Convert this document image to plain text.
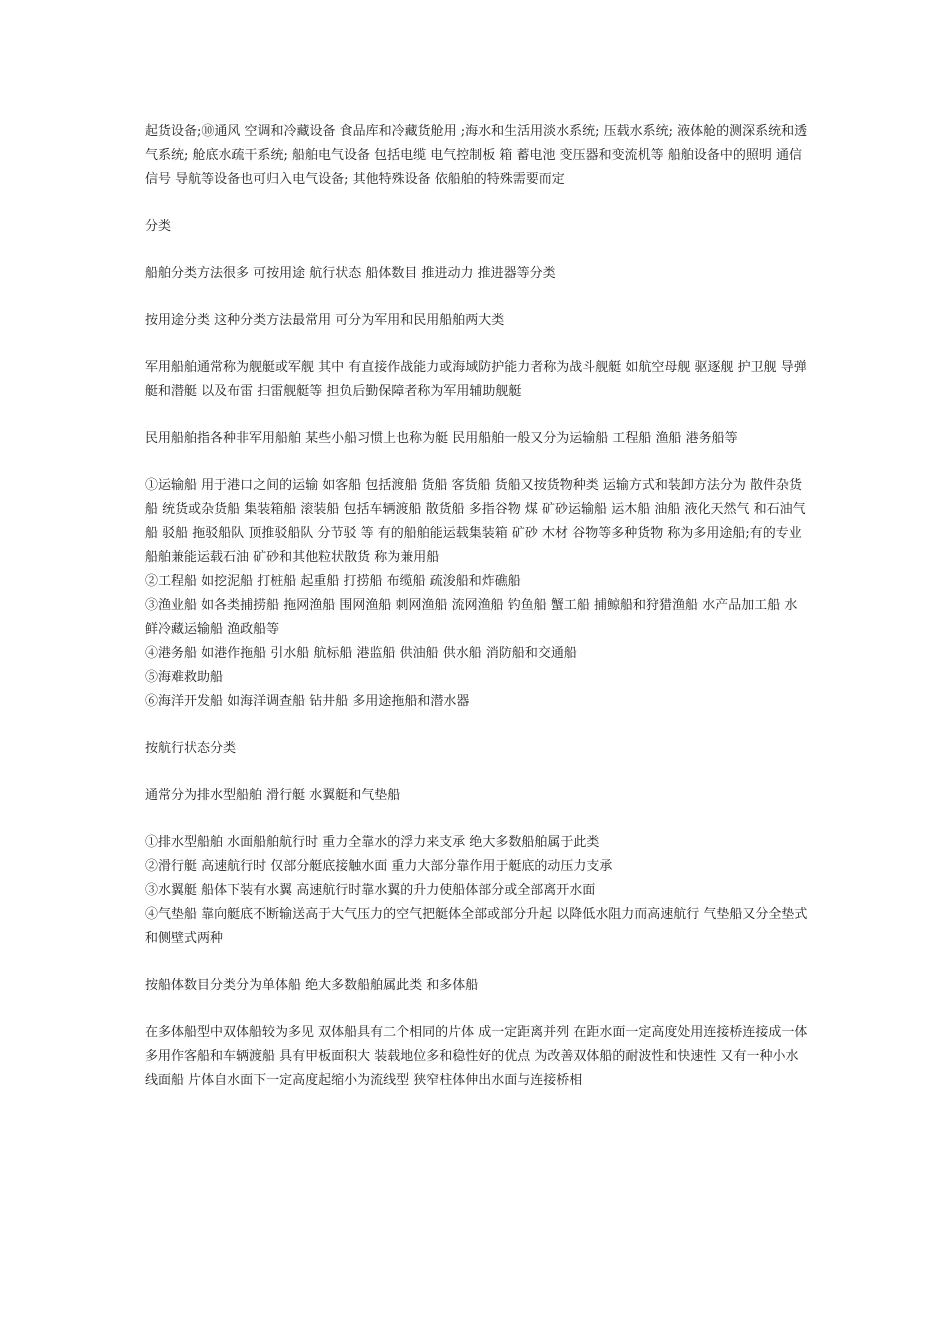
起货设备;⑩通风 空调和冷藏设备 食品库和冷藏货舱用 ;海水和生活用淡水系统; 压载水系统; 液体舱的测深系统和透气系统; 舱底水疏干系统; 船舶电气设备 包括电缆 电气控制板 箱 蓄电池 变压器和变流机等 船舶设备中的照明 通信 信号 导航等设备也可归入电气设备; 其他特殊设备 依船舶的特殊需要而定

分类

船舶分类方法很多 可按用途 航行状态 船体数目 推进动力 推进器等分类

按用途分类 这种分类方法最常用 可分为军用和民用船舶两大类

军用船舶通常称为舰艇或军舰 其中 有直接作战能力或海域防护能力者称为战斗舰艇 如航空母舰 驱逐舰 护卫舰 导弹艇和潜艇 以及布雷 扫雷舰艇等 担负后勤保障者称为军用辅助舰艇

民用船舶指各种非军用船舶 某些小船习惯上也称为艇 民用船舶一般又分为运输船 工程船 渔船 港务船等

①运输船 用于港口之间的运输 如客船 包括渡船 货船 客货船 货船又按货物种类 运输方式和装卸方法分为 散件杂货船 统货或杂货船 集装箱船 滚装船 包括车辆渡船 散货船 多指谷物 煤 矿砂运输船 运木船 油船 液化天然气 和石油气 船 驳船 拖驳船队 顶推驳船队 分节驳 等 有的船舶能运载集装箱 矿砂 木材 谷物等多种货物 称为多用途船;有的专业船舶兼能运载石油 矿砂和其他粒状散货 称为兼用船

②工程船 如挖泥船 打桩船 起重船 打捞船 布缆船 疏浚船和炸礁船

③渔业船 如各类捕捞船 拖网渔船 围网渔船 刺网渔船 流网渔船 钓鱼船 蟹工船 捕鲸船和狩猎渔船 水产品加工船 水鲜冷藏运输船 渔政船等

④港务船 如港作拖船 引水船 航标船 港监船 供油船 供水船 消防船和交通船

⑤海难救助船

⑥海洋开发船 如海洋调查船 钻井船 多用途拖船和潜水器

按航行状态分类

通常分为排水型船舶 滑行艇 水翼艇和气垫船

①排水型船舶 水面船舶航行时 重力全靠水的浮力来支承 绝大多数船舶属于此类

②滑行艇 高速航行时 仅部分艇底接触水面 重力大部分靠作用于艇底的动压力支承

③水翼艇 船体下装有水翼 高速航行时靠水翼的升力使船体部分或全部离开水面

④气垫船 靠向艇底不断输送高于大气压力的空气把艇体全部或部分升起 以降低水阻力而高速航行 气垫船又分全垫式和侧壁式两种

按船体数目分类分为单体船 绝大多数船舶属此类 和多体船

在多体船型中双体船较为多见 双体船具有二个相同的片体 成一定距离并列 在距水面一定高度处用连接桥连接成一体 多用作客船和车辆渡船 具有甲板面积大 装载地位多和稳性好的优点 为改善双体船的耐波性和快速性 又有一种小水线面船 片体自水面下一定高度起缩小为流线型 狭窄柱体伸出水面与连接桥相
